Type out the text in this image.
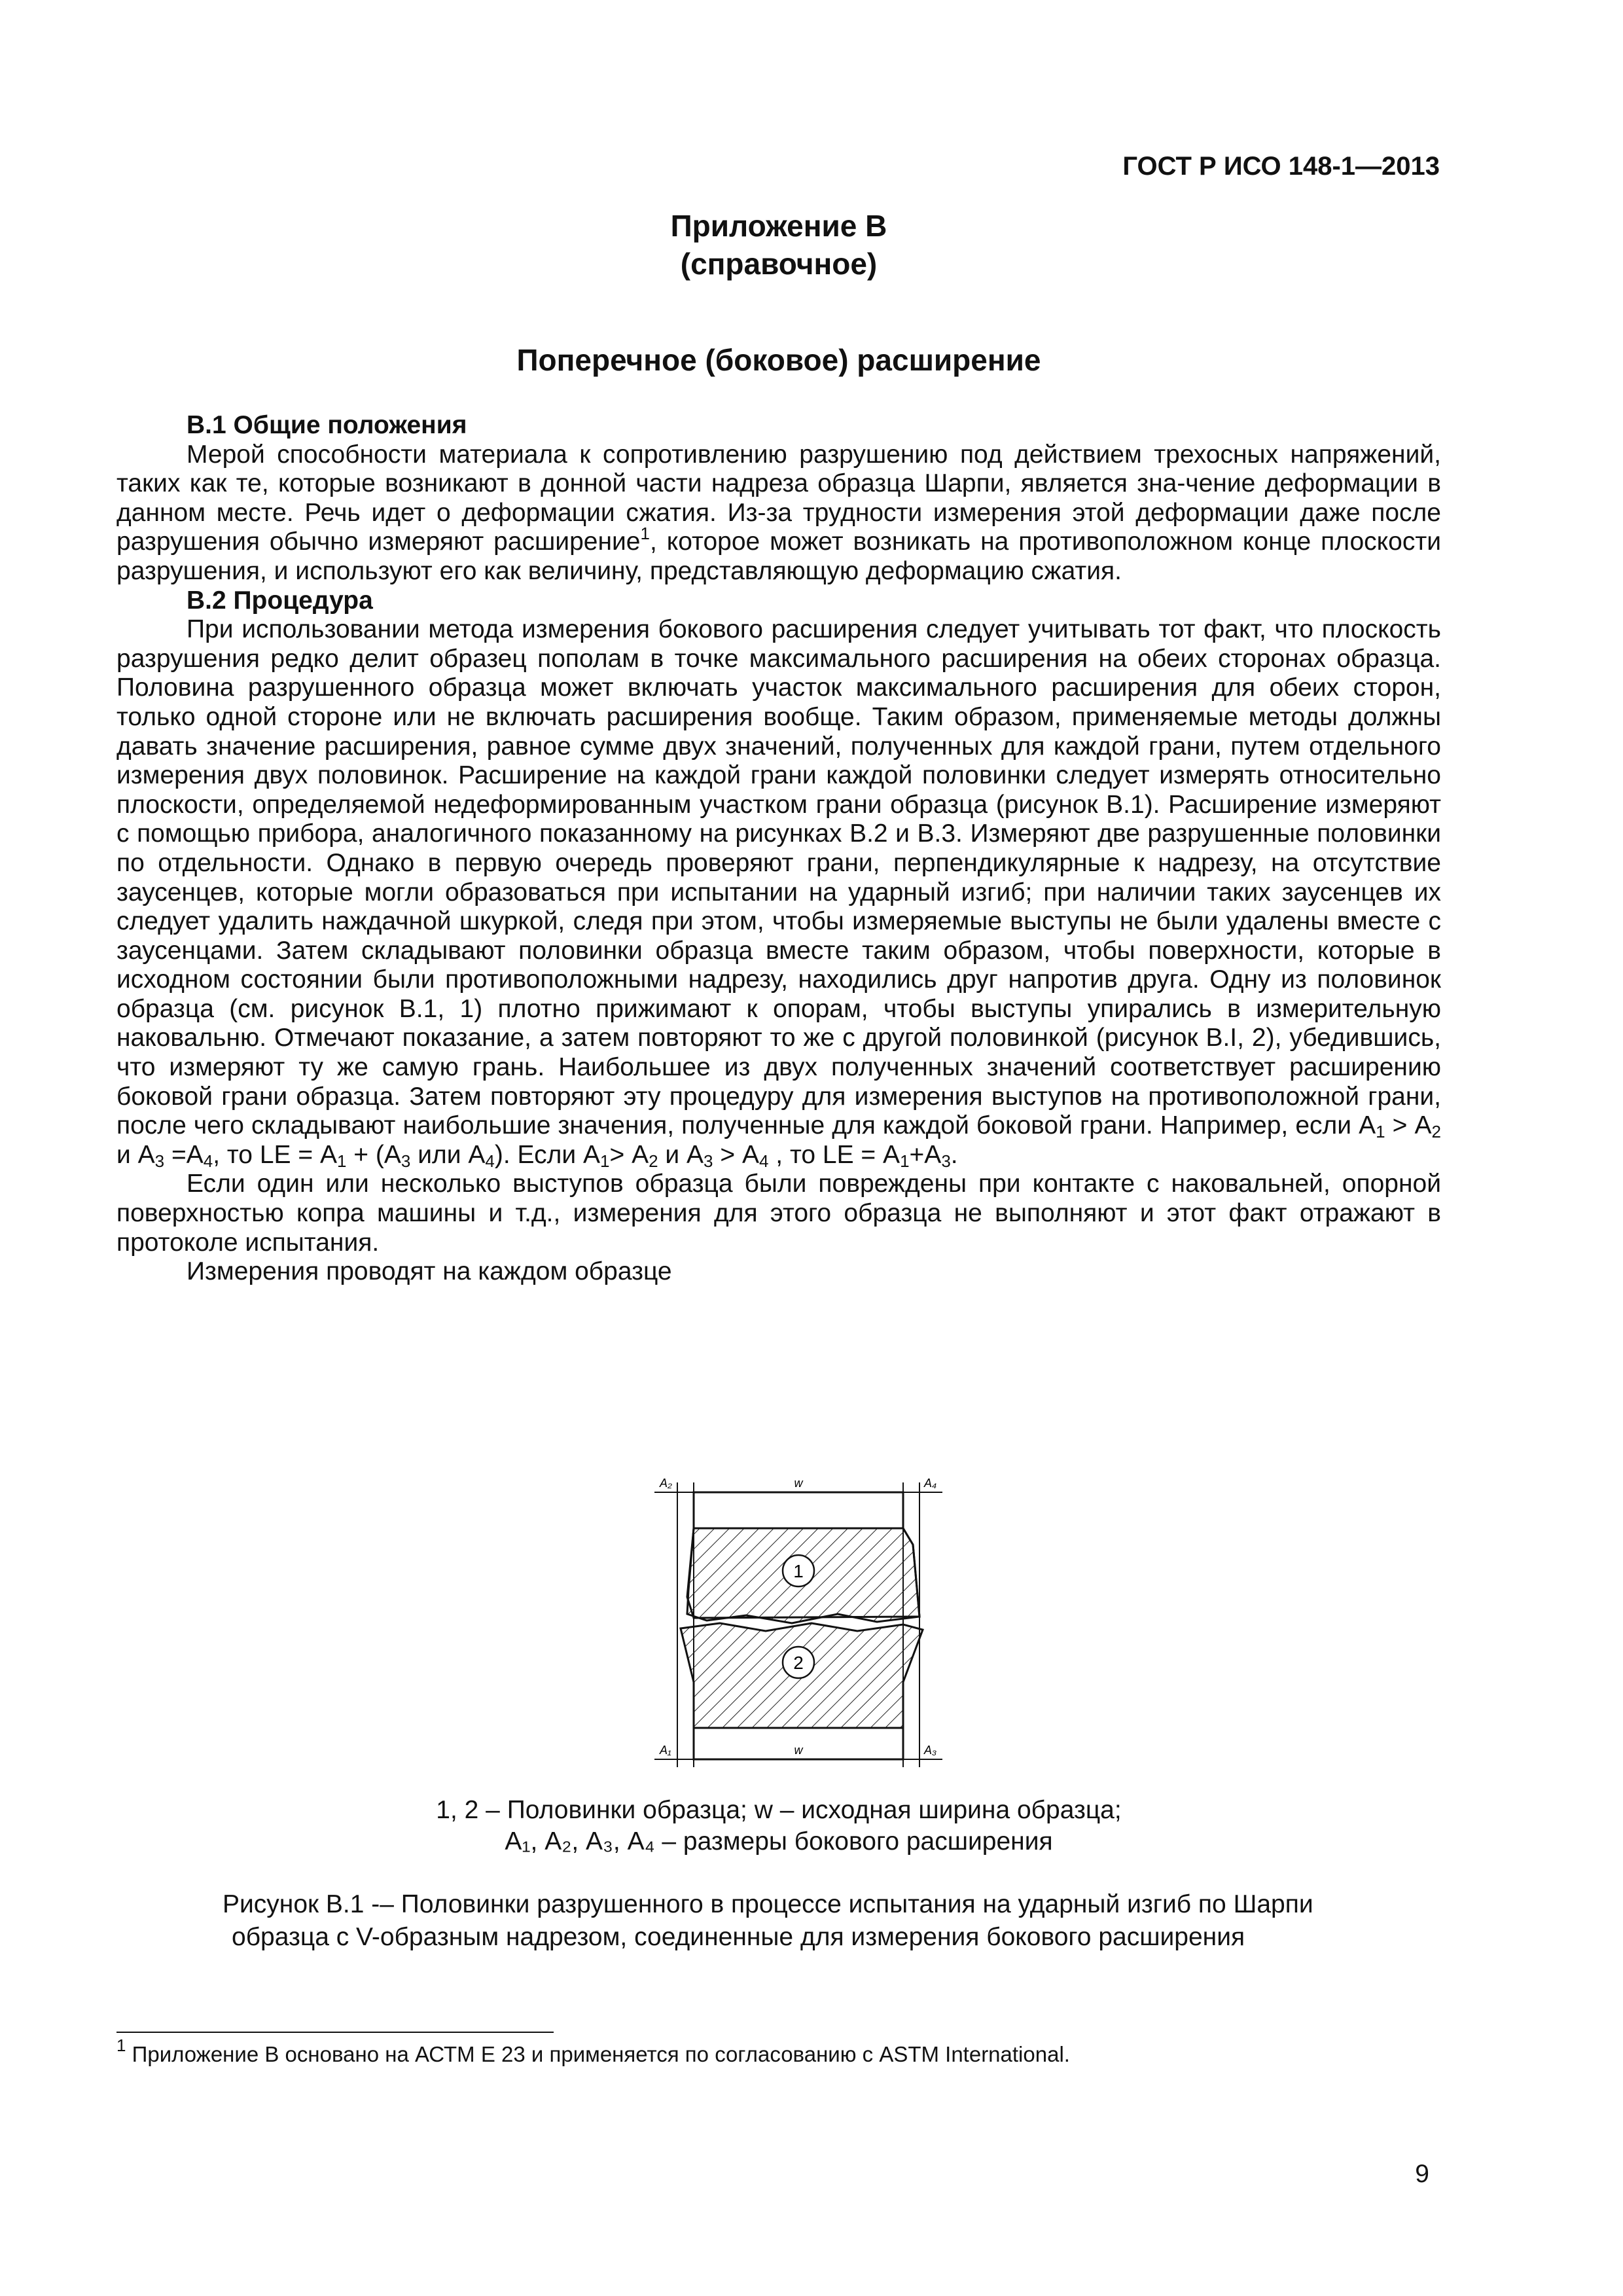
ГОСТ Р ИСО 148-1—2013
Приложение В
(справочное)
Поперечное (боковое) расширение
В.1 Общие положения

Мерой способности материала к сопротивлению разрушению под действием трехосных напряжений, таких как те, которые возникают в донной части надреза образца Шарпи, является зна-чение деформации в данном месте. Речь идет о деформации сжатия. Из-за трудности измерения этой деформации даже после разрушения обычно измеряют расширение$^1$, которое может возникать на противоположном конце плоскости разрушения, и используют его как величину, представляющую деформацию сжатия.

В.2 Процедура

При использовании метода измерения бокового расширения следует учитывать тот факт, что плоскость разрушения редко делит образец пополам в точке максимального расширения на обеих сторонах образца. Половина разрушенного образца может включать участок максимального расширения для обеих сторон, только одной стороне или не включать расширения вообще. Таким образом, применяемые методы должны давать значение расширения, равное сумме двух значений, полученных для каждой грани, путем отдельного измерения двух половинок. Расширение на каждой грани каждой половинки следует измерять относительно плоскости, определяемой недеформированным участком грани образца (рисунок В.1). Расширение измеряют с помощью прибора, аналогичного показанному на рисунках В.2 и В.3. Измеряют две разрушенные половинки по отдельности. Однако в первую очередь проверяют грани, перпендикулярные к надрезу, на отсутствие заусенцев, которые могли образоваться при испытании на ударный изгиб; при наличии таких заусенцев их следует удалить наждачной шкуркой, следя при этом, чтобы измеряемые выступы не были удалены вместе с заусенцами. Затем складывают половинки образца вместе таким образом, чтобы поверхности, которые в исходном состоянии были противоположными надрезу, находились друг напротив друга. Одну из половинок образца (см. рисунок В.1, 1) плотно прижимают к опорам, чтобы выступы упирались в измерительную наковальню. Отмечают показание, а затем повторяют то же с другой половинкой (рисунок В.I, 2), убедившись, что измеряют ту же самую грань. Наибольшее из двух полученных значений соответствует расширению боковой грани образца. Затем повторяют эту процедуру для измерения выступов на противоположной грани, после чего складывают наибольшие значения, полученные для каждой боковой грани. Например, если $А_1 > А_2$ и $А_3 =А_4$, то LE = $А_1 + (А_3$ или $А_4$). Если $А_1> А_2$ и $А_3 > А_4$ , то LE = $А_1+А_3$.

Если один или несколько выступов образца были повреждены при контакте с наковальней, опорной поверхностью копра машины и т.д., измерения для этого образца не выполняют и этот факт отражают в протоколе испытания.

Измерения проводят на каждом образце

1
2
A₂	A₄
w
A₁	A₃
w
1, 2 – Половинки образца; w – исходная ширина образца;
А₁, А₂, А₃, А₄ – размеры бокового расширения
Рисунок В.1 -– Половинки разрушенного в процессе испытания на ударный изгиб по Шарпи
образца с V-образным надрезом, соединенные для измерения бокового расширения
$^1$ Приложение В основано на АСТМ Е 23 и применяется по согласованию с ASTM International.
9
